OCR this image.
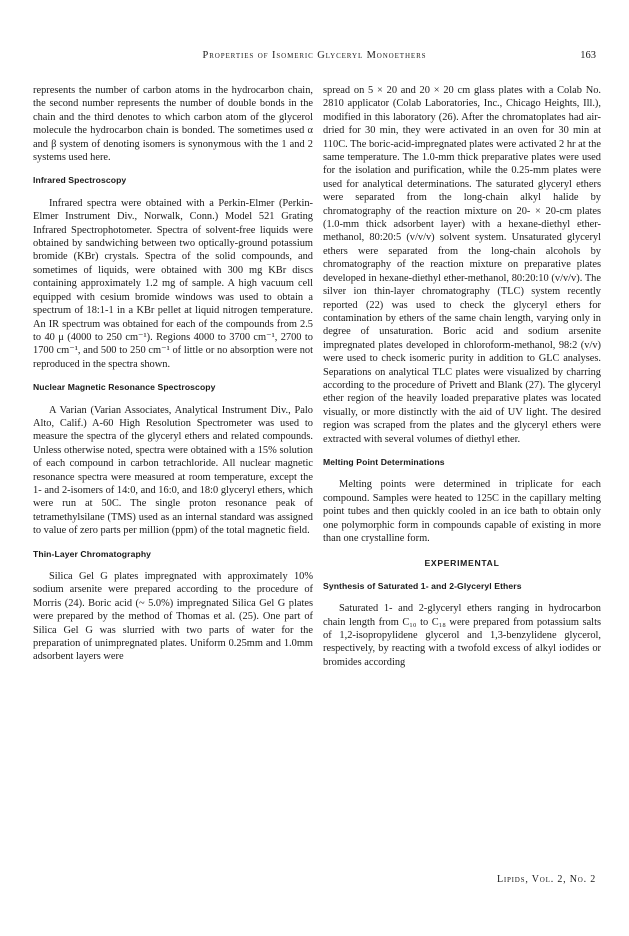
Properties of Isomeric Glyceryl Monoethers	163

represents the number of carbon atoms in the hydrocarbon chain, the second number represents the number of double bonds in the chain and the third denotes to which carbon atom of the glycerol molecule the hydrocarbon chain is bonded. The sometimes used α and β system of denoting isomers is synonymous with the 1 and 2 systems used here.

Infrared Spectroscopy

Infrared spectra were obtained with a Perkin-Elmer (Perkin-Elmer Instrument Div., Norwalk, Conn.) Model 521 Grating Infrared Spectrophotometer. Spectra of solvent-free liquids were obtained by sandwiching between two optically-ground potassium bromide (KBr) crystals. Spectra of the solid compounds, and sometimes of liquids, were obtained with 300 mg KBr discs containing approximately 1.2 mg of sample. A high vacuum cell equipped with cesium bromide windows was used to obtain a spectrum of 18:1-1 in a KBr pellet at liquid nitrogen temperature. An IR spectrum was obtained for each of the compounds from 2.5 to 40 μ (4000 to 250 cm⁻¹). Regions 4000 to 3700 cm⁻¹, 2700 to 1700 cm⁻¹, and 500 to 250 cm⁻¹ of little or no absorption were not reproduced in the spectra shown.

Nuclear Magnetic Resonance Spectroscopy

A Varian (Varian Associates, Analytical Instrument Div., Palo Alto, Calif.) A-60 High Resolution Spectrometer was used to measure the spectra of the glyceryl ethers and related compounds. Unless otherwise noted, spectra were obtained with a 15% solution of each compound in carbon tetrachloride. All nuclear magnetic resonance spectra were measured at room temperature, except the 1- and 2-isomers of 14:0, and 16:0, and 18:0 glyceryl ethers, which were run at 50C. The single proton resonance peak of tetramethylsilane (TMS) used as an internal standard was assigned to value of zero parts per million (ppm) of the total magnetic field.

Thin-Layer Chromatography

Silica Gel G plates impregnated with approximately 10% sodium arsenite were prepared according to the procedure of Morris (24). Boric acid (~ 5.0%) impregnated Silica Gel G plates were prepared by the method of Thomas et al. (25). One part of Silica Gel G was slurried with two parts of water for the preparation of unimpregnated plates. Uniform 0.25mm and 1.0mm adsorbent layers were

spread on 5 × 20 and 20 × 20 cm glass plates with a Colab No. 2810 applicator (Colab Laboratories, Inc., Chicago Heights, Ill.), modified in this laboratory (26). After the chromatoplates had air-dried for 30 min, they were activated in an oven for 30 min at 110C. The boric-acid-impregnated plates were activated 2 hr at the same temperature. The 1.0-mm thick preparative plates were used for the isolation and purification, while the 0.25-mm plates were used for analytical determinations. The saturated glyceryl ethers were separated from the long-chain alkyl halide by chromatography of the reaction mixture on 20- × 20-cm plates (1.0-mm thick adsorbent layer) with a hexane-diethyl ether-methanol, 80:20:5 (v/v/v) solvent system. Unsaturated glyceryl ethers were separated from the long-chain alcohols by chromatography of the reaction mixture on preparative plates developed in hexane-diethyl ether-methanol, 80:20:10 (v/v/v). The silver ion thin-layer chromatography (TLC) system recently reported (22) was used to check the glyceryl ethers for contamination by ethers of the same chain length, varying only in degree of unsaturation. Boric acid and sodium arsenite impregnated plates developed in chloroform-methanol, 98:2 (v/v) were used to check isomeric purity in addition to GLC analyses. Separations on analytical TLC plates were visualized by charring according to the procedure of Privett and Blank (27). The glyceryl ether region of the heavily loaded preparative plates was located visually, or more distinctly with the aid of UV light. The desired region was scraped from the plates and the glyceryl ethers were extracted with several volumes of diethyl ether.

Melting Point Determinations

Melting points were determined in triplicate for each compound. Samples were heated to 125C in the capillary melting point tubes and then quickly cooled in an ice bath to obtain only one polymorphic form in compounds capable of existing in more than one crystalline form.

EXPERIMENTAL
Synthesis of Saturated 1- and 2-Glyceryl Ethers

Saturated 1- and 2-glyceryl ethers ranging in hydrocarbon chain length from C₁₀ to C₁₈ were prepared from potassium salts of 1,2-isopropylidene glycerol and 1,3-benzylidene glycerol, respectively, by reacting with a twofold excess of alkyl iodides or bromides according

Lipids, Vol. 2, No. 2
